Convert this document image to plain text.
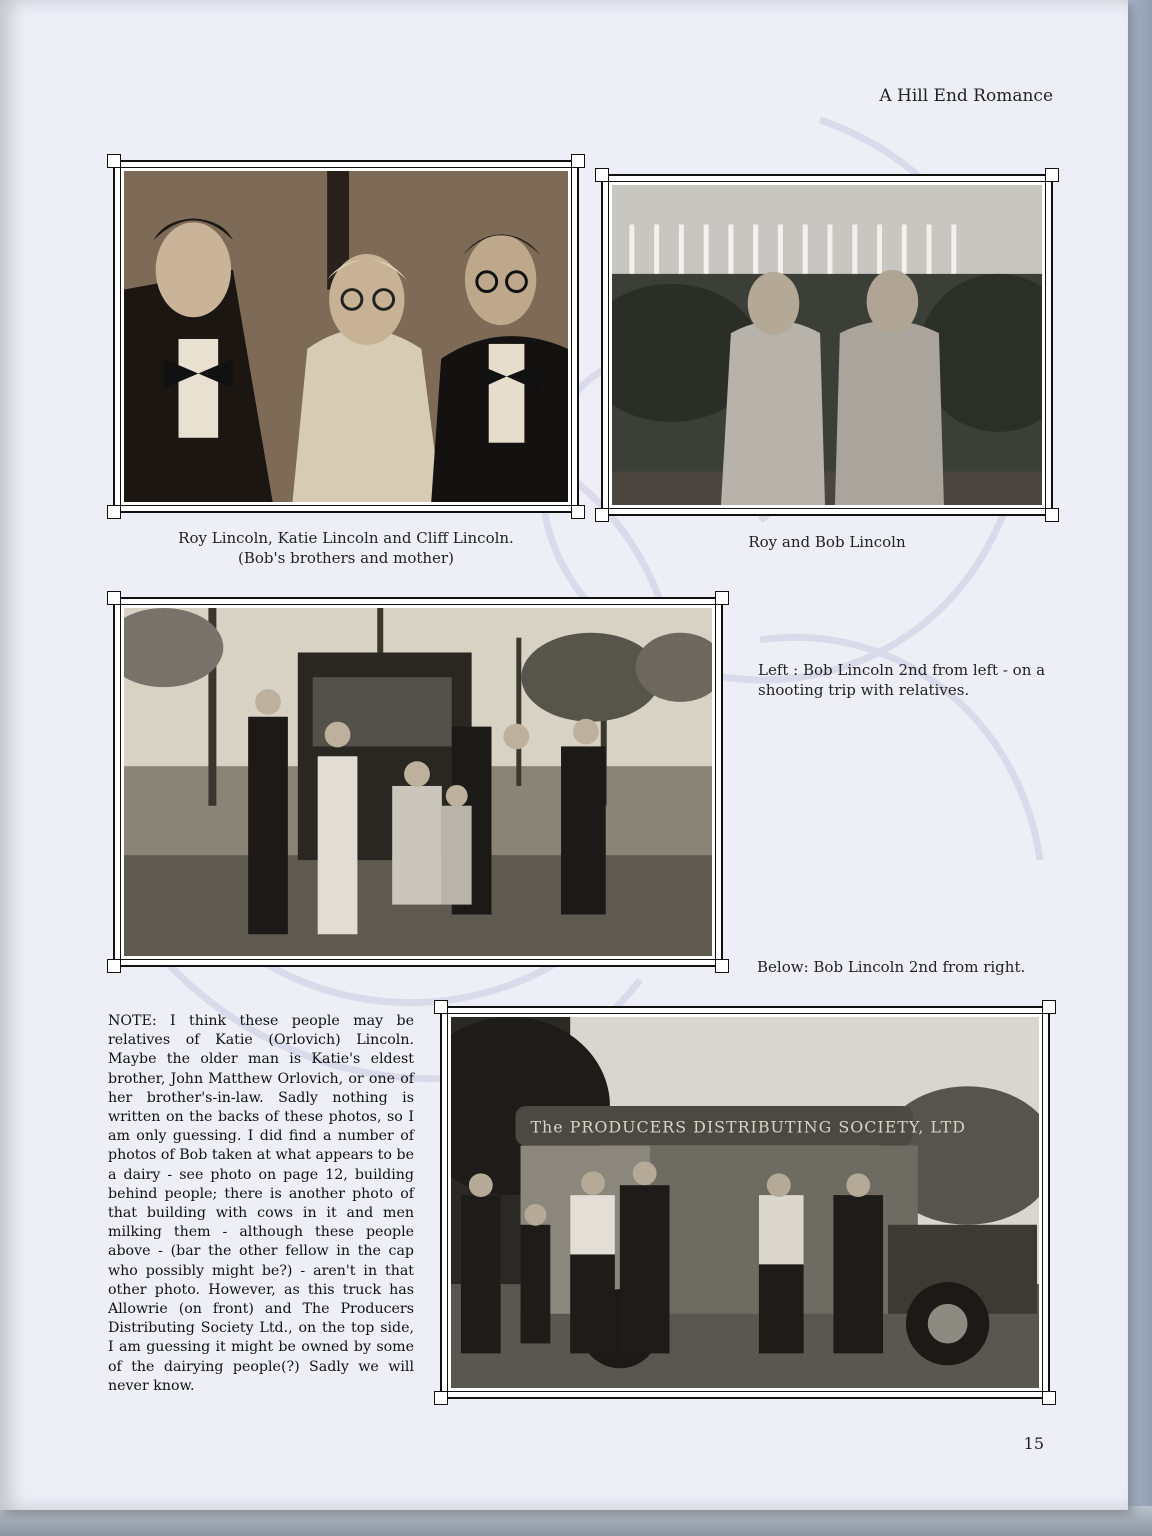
A Hill End Romance
Roy Lincoln, Katie Lincoln and Cliff Lincoln.
(Bob's brothers and mother)
Roy and Bob Lincoln
Left : Bob Lincoln 2nd from left - on a
shooting trip with relatives.
Below: Bob Lincoln 2nd from right.
NOTE: I think these people may be relatives of Katie (Orlovich) Lincoln. Maybe the older man is Katie's eldest brother, John Matthew Orlovich, or one of her brother's-in-law. Sadly nothing is written on the backs of these photos, so I am only guessing. I did find a number of photos of Bob taken at what appears to be a dairy - see photo on page 12, building behind people; there is another photo of that building with cows in it and men milking them - although these people above - (bar the other fellow in the cap who possibly might be?) - aren't in that other photo. However, as this truck has Allowrie (on front) and The Producers Distributing Society Ltd., on the top side, I am guessing it might be owned by some of the dairying people(?) Sadly we will never know.
The PRODUCERS DISTRIBUTING SOCIETY, LTD
15
